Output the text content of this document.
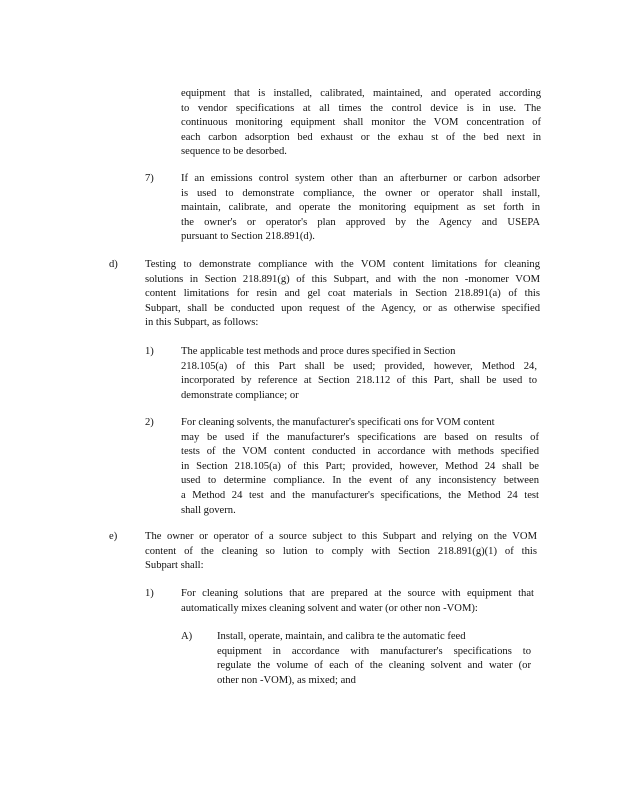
equipment that is installed, calibrated, maintained, and operated according
to vendor specifications at all times the control device is in use. The
continuous monitoring equipment shall monitor the VOM concentration of
each carbon adsorption bed exhaust or the exhau st of the bed next in
sequence to be desorbed.
7)	If an emissions control system other than an afterburner or carbon adsorber
is used to demonstrate compliance, the owner or operator shall install,
maintain, calibrate, and operate the monitoring equipment as set forth in
the owner's or operator's plan approved by the Agency and USEPA
pursuant to Section 218.891(d).
d)	Testing to demonstrate compliance with the VOM content limitations for cleaning
solutions in Section 218.891(g) of this Subpart, and with the non -monomer VOM
content limitations for resin and gel coat materials in Section 218.891(a) of this
Subpart, shall be conducted upon request of the Agency, or as otherwise specified
in this Subpart, as follows:
1)	The applicable test methods and proce dures specified in Section
218.105(a) of this Part shall be used; provided, however, Method 24,
incorporated by reference at Section 218.112 of this Part, shall be used to
demonstrate compliance; or
2)	For cleaning solvents, the manufacturer's specificati ons for VOM content
may be used if the manufacturer's specifications are based on results of
tests of the VOM content conducted in accordance with methods specified
in Section 218.105(a) of this Part; provided, however, Method 24 shall be
used to determine compliance. In the event of any inconsistency between
a Method 24 test and the manufacturer's specifications, the Method 24 test
shall govern.
e)	The owner or operator of a source subject to this Subpart and relying on the VOM
content of the cleaning so lution to comply with Section 218.891(g)(1) of this
Subpart shall:
1)	For cleaning solutions that are prepared at the source with equipment that
automatically mixes cleaning solvent and water (or other non -VOM):
A) Install, operate, maintain, and calibra te the automatic feed
equipment in accordance with manufacturer's specifications to
regulate the volume of each of the cleaning solvent and water (or
other non -VOM), as mixed; and
